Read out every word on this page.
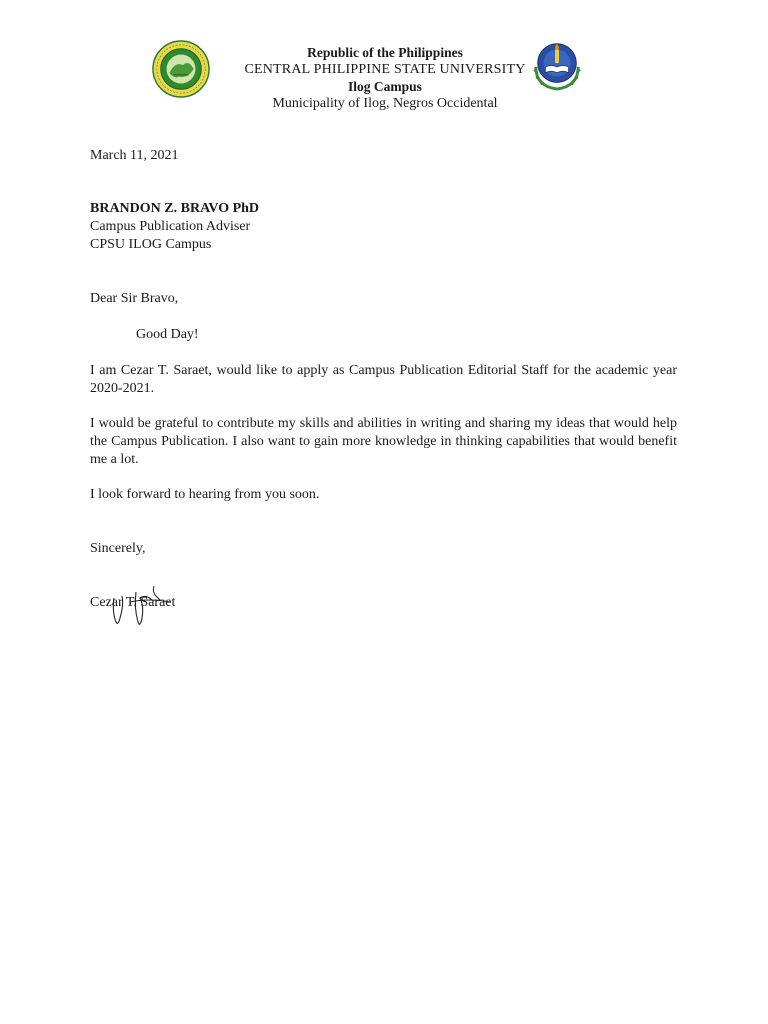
Republic of the Philippines
CENTRAL PHILIPPINE STATE UNIVERSITY
Ilog Campus
Municipality of Ilog, Negros Occidental
March 11, 2021
BRANDON Z. BRAVO PhD
Campus Publication Adviser
CPSU ILOG Campus
Dear Sir Bravo,
Good Day!
I am Cezar T. Saraet, would like to apply as Campus Publication Editorial Staff for the academic year 2020-2021.
I would be grateful to contribute my skills and abilities in writing and sharing my ideas that would help the Campus Publication. I also want to gain more knowledge in thinking capabilities that would benefit me a lot.
I look forward to hearing from you soon.
Sincerely,
Cezar T. Saraet
